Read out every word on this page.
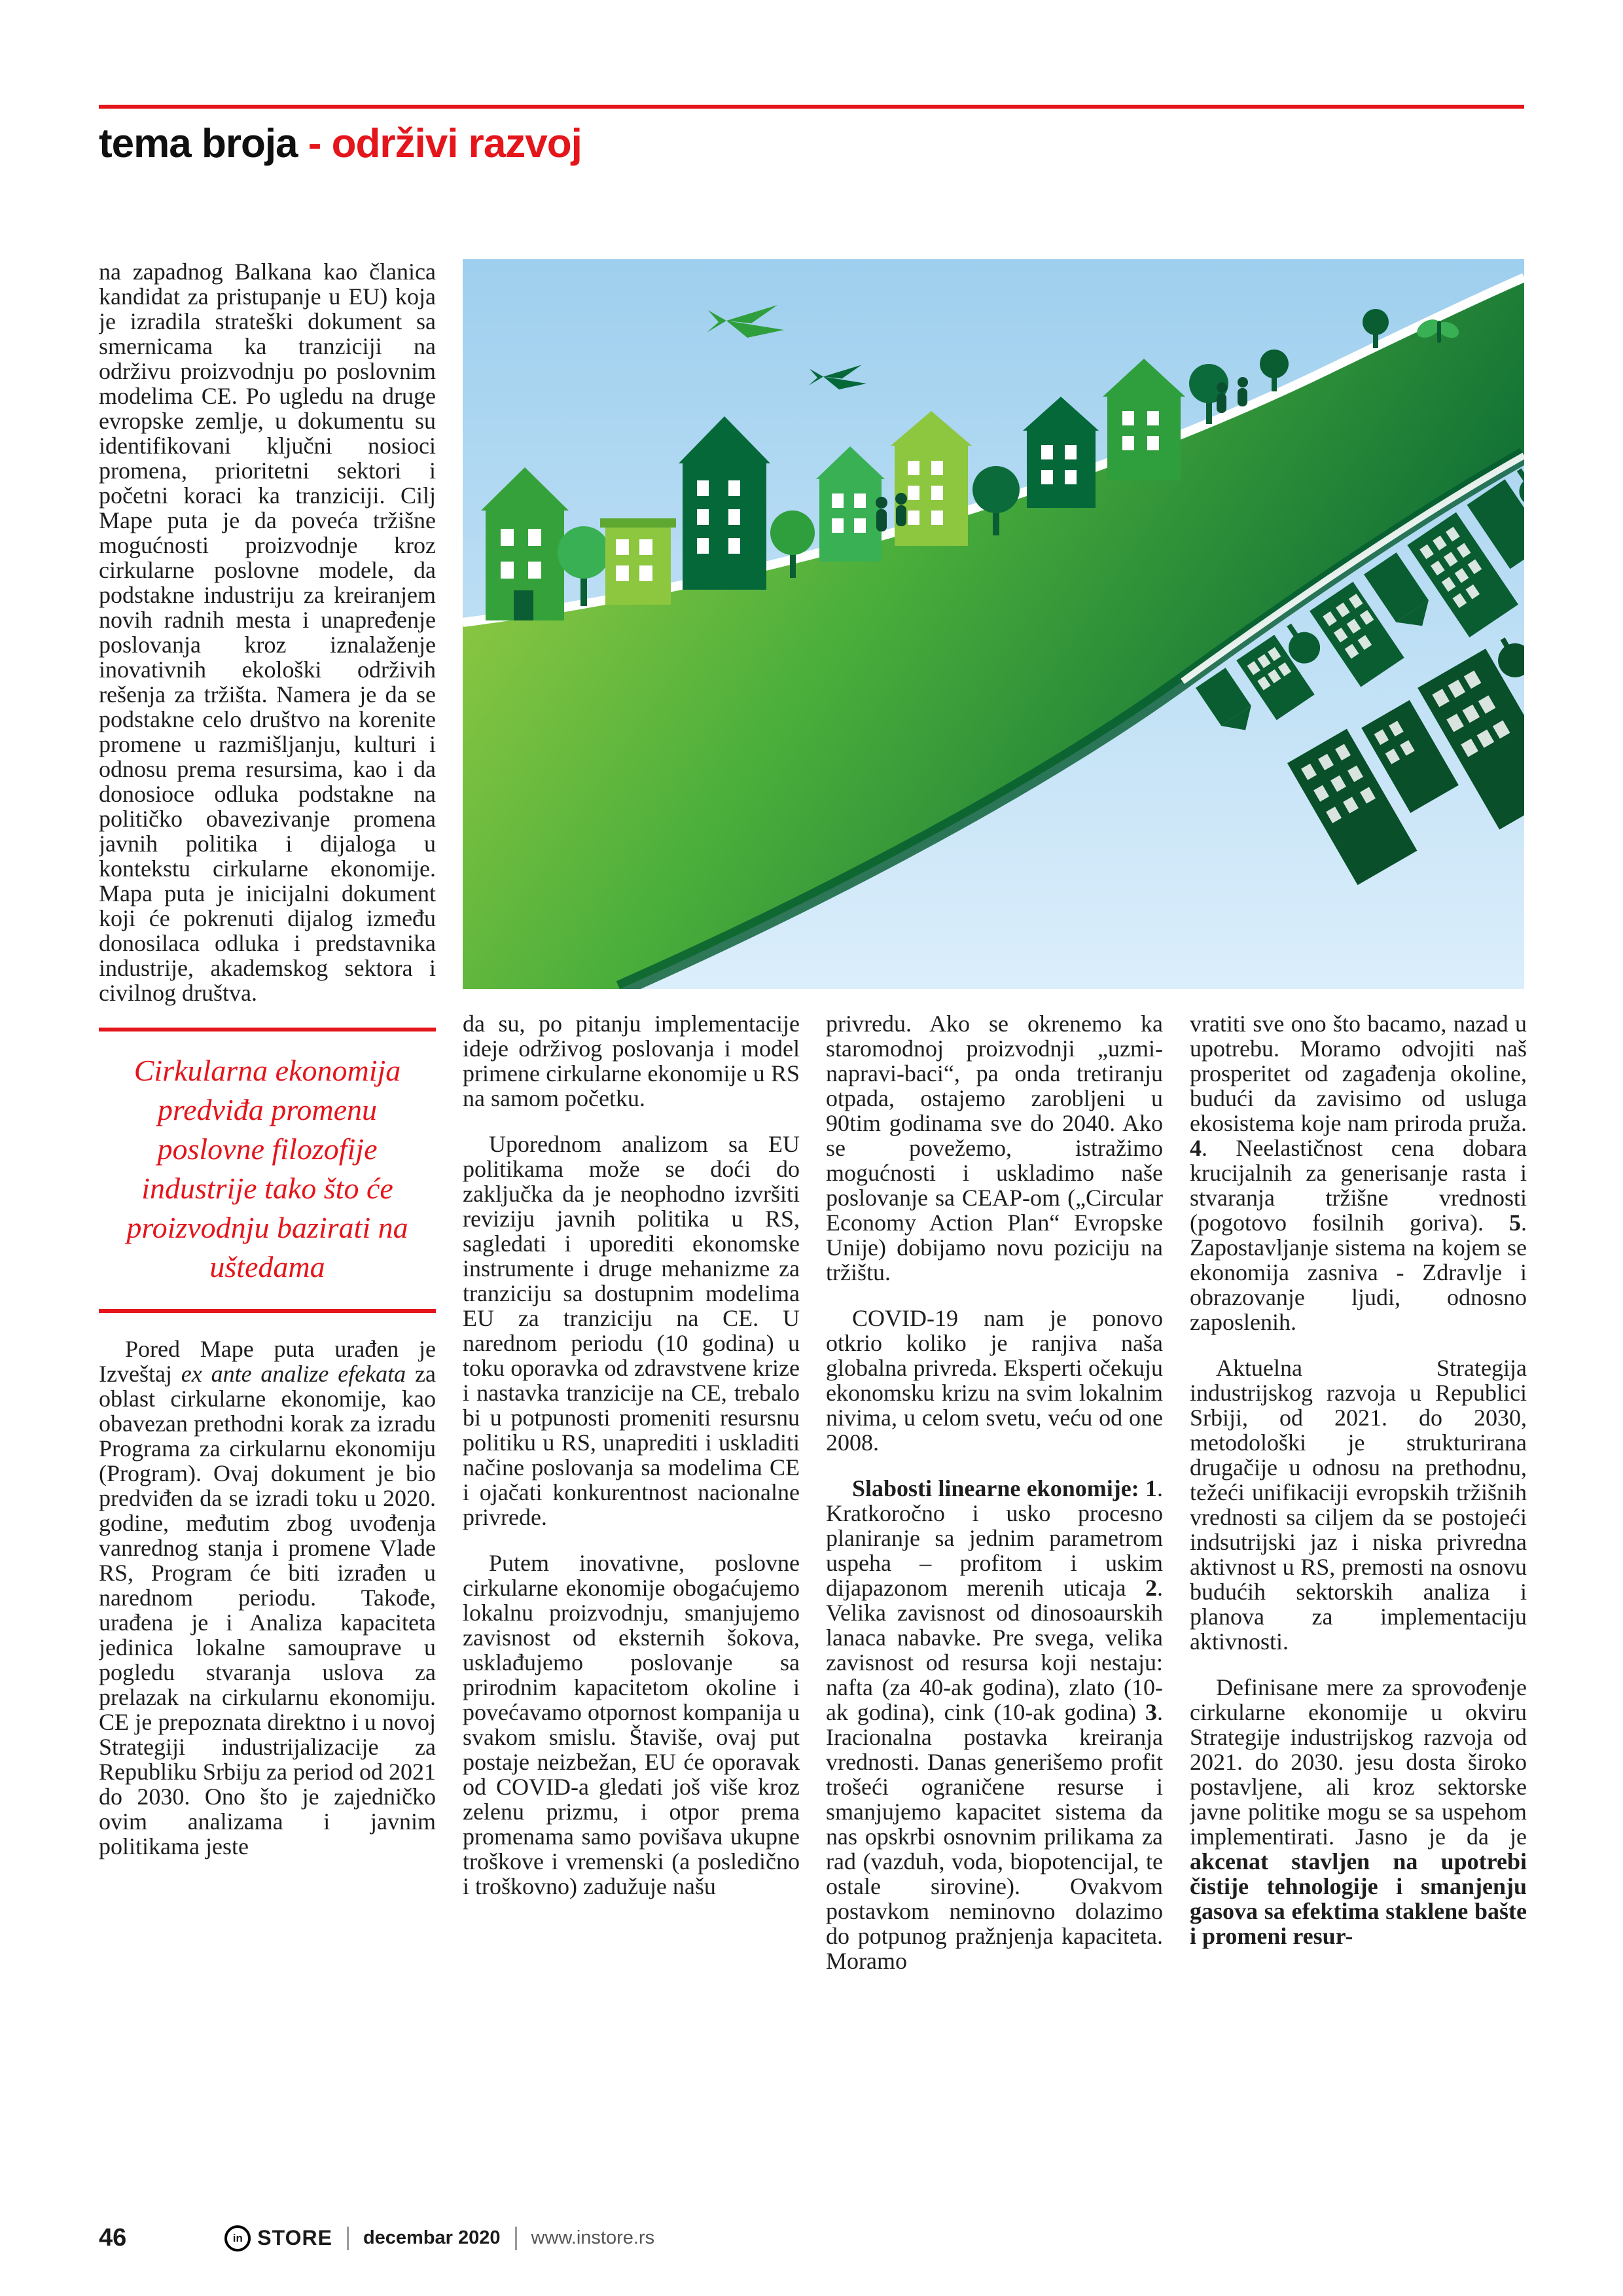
tema broja - održivi razvoj

na zapadnog Balkana kao članica kandidat za pristupanje u EU) koja je izradila strateški dokument sa smernicama ka tranziciji na održivu proizvodnju po poslovnim modelima CE. Po ugledu na druge evropske zemlje, u dokumentu su identifikovani ključni nosioci promena, prioritetni sektori i početni koraci ka tranziciji. Cilj Mape puta je da poveća tržišne mogućnosti proizvodnje kroz cirkularne poslovne modele, da podstakne industriju za kreiranjem novih radnih mesta i unapređenje poslovanja kroz iznalaženje inovativnih ekološki održivih rešenja za tržišta. Namera je da se podstakne celo društvo na korenite promene u razmišljanju, kulturi i odnosu prema resursima, kao i da donosioce odluka podstakne na političko obavezivanje promena javnih politika i dijaloga u kontekstu cirkularne ekonomije. Mapa puta je inicijalni dokument koji će pokrenuti dijalog između donosilaca odluka i predstavnika industrije, akademskog sektora i civilnog društva.

Cirkularna ekonomija predviđa promenu poslovne filozofije industrije tako što će proizvodnju bazirati na uštedama

Pored Mape puta urađen je Izveštaj ex ante analize efekata za oblast cirkularne ekonomije, kao obavezan prethodni korak za izradu Programa za cirkularnu ekonomiju (Program). Ovaj dokument je bio predviđen da se izradi toku u 2020. godine, međutim zbog uvođenja vanrednog stanja i promene Vlade RS, Program će biti izrađen u narednom periodu. Takođe, urađena je i Analiza kapaciteta jedinica lokalne samouprave u pogledu stvaranja uslova za prelazak na cirkularnu ekonomiju. CE je prepoznata direktno i u novoj Strategiji industrijalizacije za Republiku Srbiju za period od 2021 do 2030. Ono što je zajedničko ovim analizama i javnim politikama jeste

da su, po pitanju implementacije ideje održivog poslovanja i model primene cirkularne ekonomije u RS na samom početku.

Uporednom analizom sa EU politikama može se doći do zaključka da je neophodno izvršiti reviziju javnih politika u RS, sagledati i uporediti ekonomske instrumente i druge mehanizme za tranziciju sa dostupnim modelima EU za tranziciju na CE. U narednom periodu (10 godina) u toku oporavka od zdravstvene krize i nastavka tranzicije na CE, trebalo bi u potpunosti promeniti resursnu politiku u RS, unaprediti i uskladiti načine poslovanja sa modelima CE i ojačati konkurentnost nacionalne privrede.

Putem inovativne, poslovne cirkularne ekonomije obogaćujemo lokalnu proizvodnju, smanjujemo zavisnost od eksternih šokova, usklađujemo poslovanje sa prirodnim kapacitetom okoline i povećavamo otpornost kompanija u svakom smislu. Štaviše, ovaj put postaje neizbežan, EU će oporavak od COVID-a gledati još više kroz zelenu prizmu, i otpor prema promenama samo povišava ukupne troškove i vremenski (a posledično i troškovno) zadužuje našu

privredu. Ako se okrenemo ka staromodnoj proizvodnji „uzmi-napravi-baci“, pa onda tretiranju otpada, ostajemo zarobljeni u 90tim godinama sve do 2040. Ako se povežemo, istražimo mogućnosti i uskladimo naše poslovanje sa CEAP-om („Circular Economy Action Plan“ Evropske Unije) dobijamo novu poziciju na tržištu.

COVID-19 nam je ponovo otkrio koliko je ranjiva naša globalna privreda. Eksperti očekuju ekonomsku krizu na svim lokalnim nivima, u celom svetu, veću od one 2008.

Slabosti linearne ekonomije: 1. Kratkoročno i usko procesno planiranje sa jednim parametrom uspeha – profitom i uskim dijapazonom merenih uticaja 2. Velika zavisnost od dinosoaurskih lanaca nabavke. Pre svega, velika zavisnost od resursa koji nestaju: nafta (za 40-ak godina), zlato (10-ak godina), cink (10-ak godina) 3. Iracionalna postavka kreiranja vrednosti. Danas generišemo profit trošeći ograničene resurse i smanjujemo kapacitet sistema da nas opskrbi osnovnim prilikama za rad (vazduh, voda, biopotencijal, te ostale sirovine). Ovakvom postavkom neminovno dolazimo do potpunog pražnjenja kapaciteta. Moramo

vratiti sve ono što bacamo, nazad u upotrebu. Moramo odvojiti naš prosperitet od zagađenja okoline, budući da zavisimo od usluga ekosistema koje nam priroda pruža. 4. Neelastičnost cena dobara krucijalnih za generisanje rasta i stvaranja tržišne vrednosti (pogotovo fosilnih goriva). 5. Zapostavljanje sistema na kojem se ekonomija zasniva - Zdravlje i obrazovanje ljudi, odnosno zaposlenih.

Aktuelna Strategija industrijskog razvoja u Republici Srbiji, od 2021. do 2030, metodološki je strukturirana drugačije u odnosu na prethodnu, težeći unifikaciji evropskih tržišnih vrednosti sa ciljem da se postojeći indsutrijski jaz i niska privredna aktivnost u RS, premosti na osnovu budućih sektorskih analiza i planova za implementaciju aktivnosti.

Definisane mere za sprovođenje cirkularne ekonomije u okviru Strategije industrijskog razvoja od 2021. do 2030. jesu dosta široko postavljene, ali kroz sektorske javne politike mogu se sa uspehom implementirati. Jasno je da je akcenat stavljen na upotrebi čistije tehnologije i smanjenju gasova sa efektima staklene bašte i promeni resur-

46	in STORE decembar 2020 www.instore.rs
